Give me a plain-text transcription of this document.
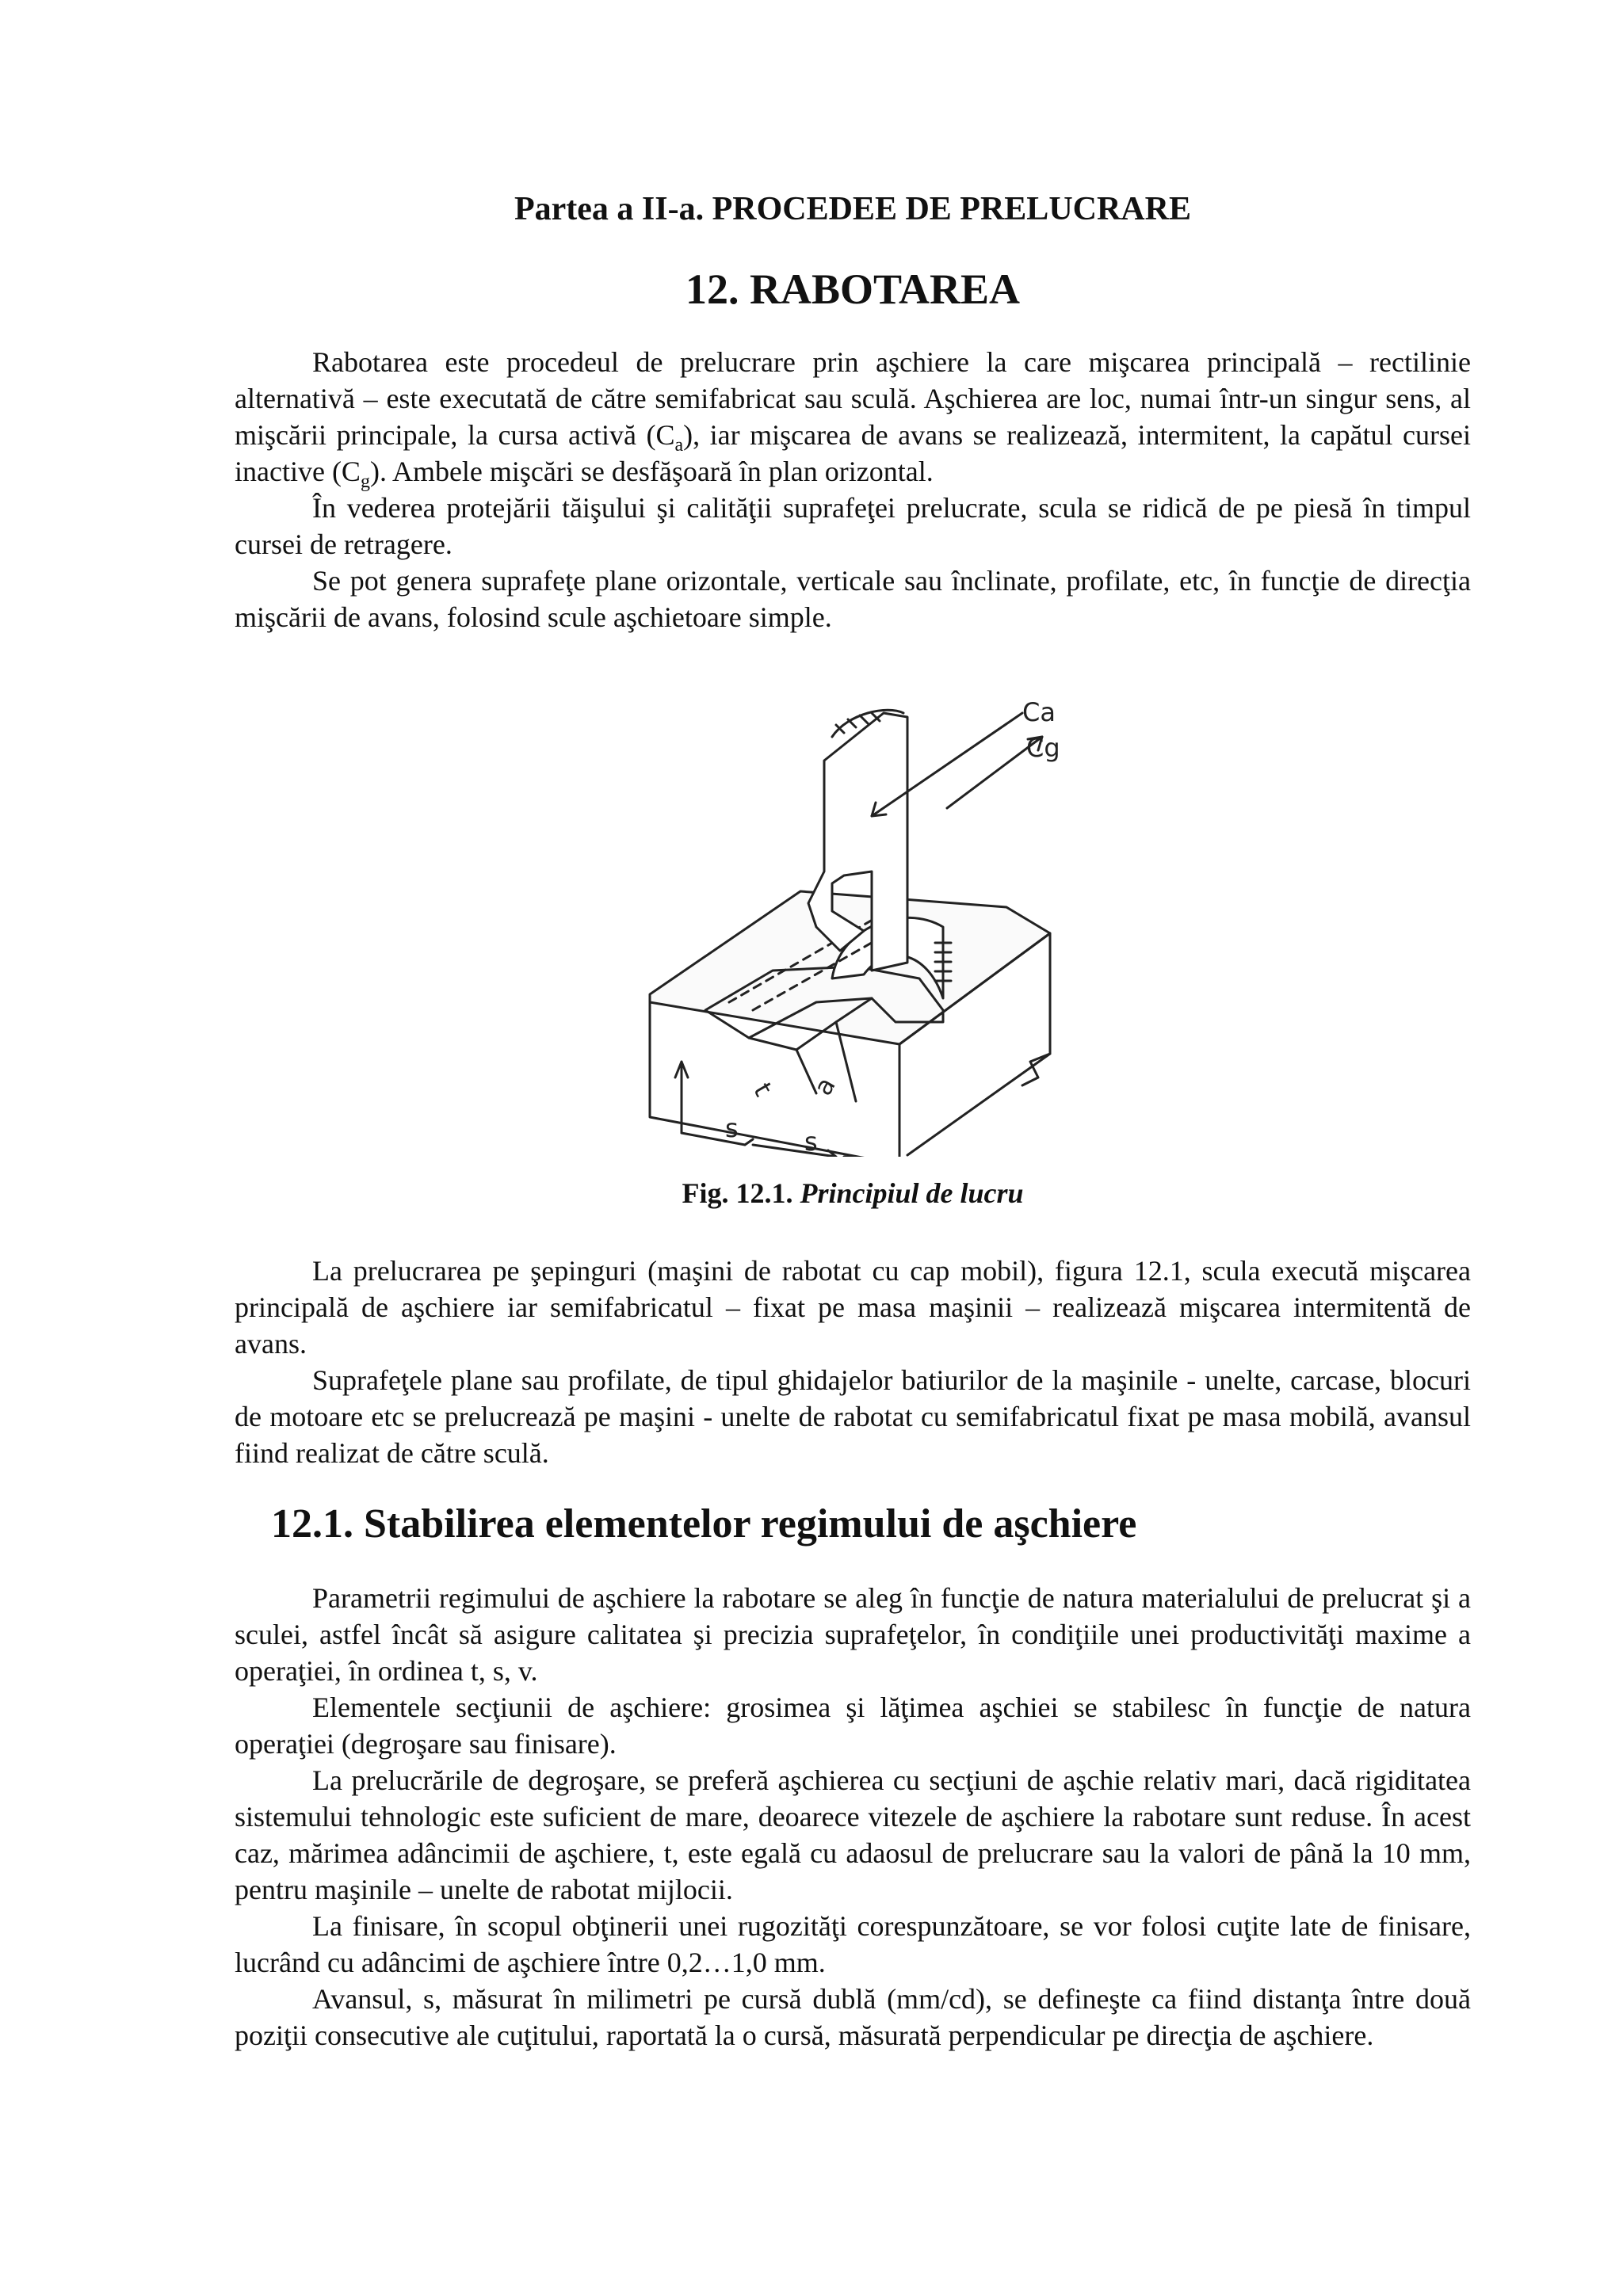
Partea a II-a. PROCEDEE DE PRELUCRARE
12. RABOTAREA

Rabotarea este procedeul de prelucrare prin aşchiere la care mişcarea principală – rectilinie alternativă – este executată de către semifabricat sau sculă. Aşchierea are loc, numai într-un singur sens, al mişcării principale, la cursa activă $(C_a)$, iar mişcarea de avans se realizează, intermitent, la capătul cursei inactive $(C_g)$. Ambele mişcări se desfăşoară în plan orizontal.

În vederea protejării tăişului şi calităţii suprafeţei prelucrate, scula se ridică de pe piesă în timpul cursei de retragere.

Se pot genera suprafeţe plane orizontale, verticale sau înclinate, profilate, etc, în funcţie de direcţia mişcării de avans, folosind scule aşchietoare simple.

Ca
Cg
s	s
t a
Fig. 12.1. Principiul de lucru

La prelucrarea pe şepinguri (maşini de rabotat cu cap mobil), figura 12.1, scula execută mişcarea principală de aşchiere iar semifabricatul – fixat pe masa maşinii – realizează mişcarea intermitentă de avans.

Suprafeţele plane sau profilate, de tipul ghidajelor batiurilor de la maşinile - unelte, carcase, blocuri de motoare etc se prelucrează pe maşini - unelte de rabotat cu semifabricatul fixat pe masa mobilă, avansul fiind realizat de către sculă.

12.1. Stabilirea elementelor regimului de aşchiere

Parametrii regimului de aşchiere la rabotare se aleg în funcţie de natura materialului de prelucrat şi a sculei, astfel încât să asigure calitatea şi precizia suprafeţelor, în condiţiile unei productivităţi maxime a operaţiei, în ordinea t, s, v.

Elementele secţiunii de aşchiere: grosimea şi lăţimea aşchiei se stabilesc în funcţie de natura operaţiei (degroşare sau finisare).

La prelucrările de degroşare, se preferă aşchierea cu secţiuni de aşchie relativ mari, dacă rigiditatea sistemului tehnologic este suficient de mare, deoarece vitezele de aşchiere la rabotare sunt reduse. În acest caz, mărimea adâncimii de aşchiere, t, este egală cu adaosul de prelucrare sau la valori de până la 10 mm, pentru maşinile – unelte de rabotat mijlocii.

La finisare, în scopul obţinerii unei rugozităţi corespunzătoare, se vor folosi cuţite late de finisare, lucrând cu adâncimi de aşchiere între 0,2…1,0 mm.

Avansul, s, măsurat în milimetri pe cursă dublă (mm/cd), se defineşte ca fiind distanţa între două poziţii consecutive ale cuţitului, raportată la o cursă, măsurată perpendicular pe direcţia de aşchiere.
